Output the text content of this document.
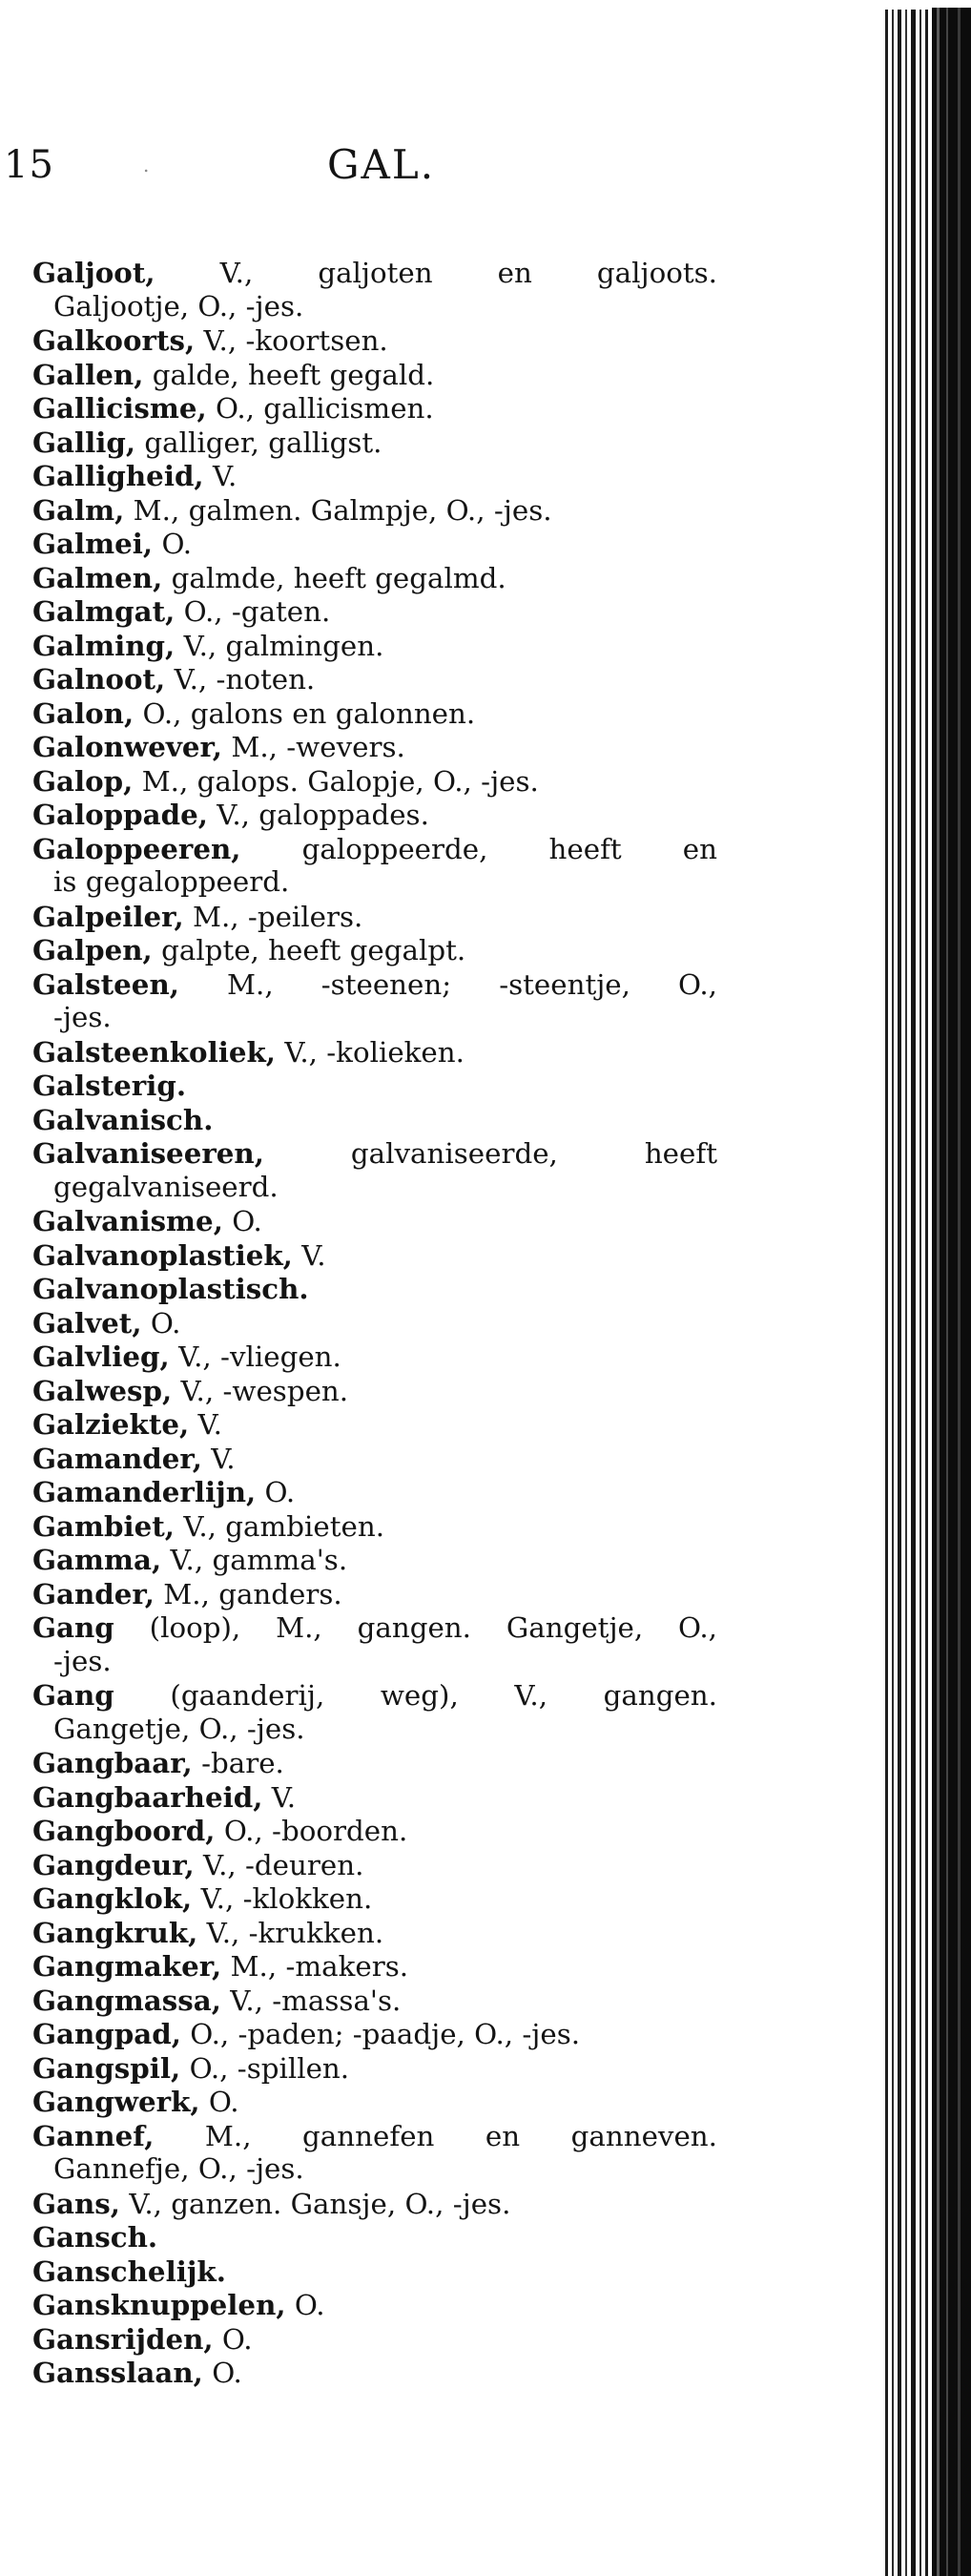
15	.	GAL.
Galjoot, V., galjoten en galjoots.
Galjootje, O., -jes.
Galkoorts, V., -koortsen.
Gallen, galde, heeft gegald.
Gallicisme, O., gallicismen.
Gallig, galliger, galligst.
Galligheid, V.
Galm, M., galmen. Galmpje, O., -jes.
Galmei, O.
Galmen, galmde, heeft gegalmd.
Galmgat, O., -gaten.
Galming, V., galmingen.
Galnoot, V., -noten.
Galon, O., galons en galonnen.
Galonwever, M., -wevers.
Galop, M., galops. Galopje, O., -jes.
Galoppade, V., galoppades.
Galoppeeren, galoppeerde, heeft en
is gegaloppeerd.
Galpeiler, M., -peilers.
Galpen, galpte, heeft gegalpt.
Galsteen, M., -steenen; -steentje, O.,
-jes.
Galsteenkoliek, V., -kolieken.
Galsterig.
Galvanisch.
Galvaniseeren,	galvaniseerde, heeft
gegalvaniseerd.
Galvanisme, O.
Galvanoplastiek, V.
Galvanoplastisch.
Galvet, O.
Galvlieg, V., -vliegen.
Galwesp, V., -wespen.
Galziekte, V.
Gamander, V.
Gamanderlijn, O.
Gambiet, V., gambieten.
Gamma, V., gamma's.
Gander, M., ganders.
Gang (loop), M., gangen. Gangetje, O.,
-jes.
Gang (gaanderij, weg), V., gangen.
Gangetje, O., -jes.
Gangbaar, -bare.
Gangbaarheid, V.
Gangboord, O., -boorden.
Gangdeur, V., -deuren.
Gangklok, V., -klokken.
Gangkruk, V., -krukken.
Gangmaker, M., -makers.
Gangmassa, V., -massa's.
Gangpad, O., -paden; -paadje, O., -jes.
Gangspil, O., -spillen.
Gangwerk, O.
Gannef, M., gannefen en ganneven.
Gannefje, O., -jes.
Gans, V., ganzen. Gansje, O., -jes.
Gansch.
Ganschelijk.
Gansknuppelen, O.
Gansrijden, O.
Gansslaan, O.
